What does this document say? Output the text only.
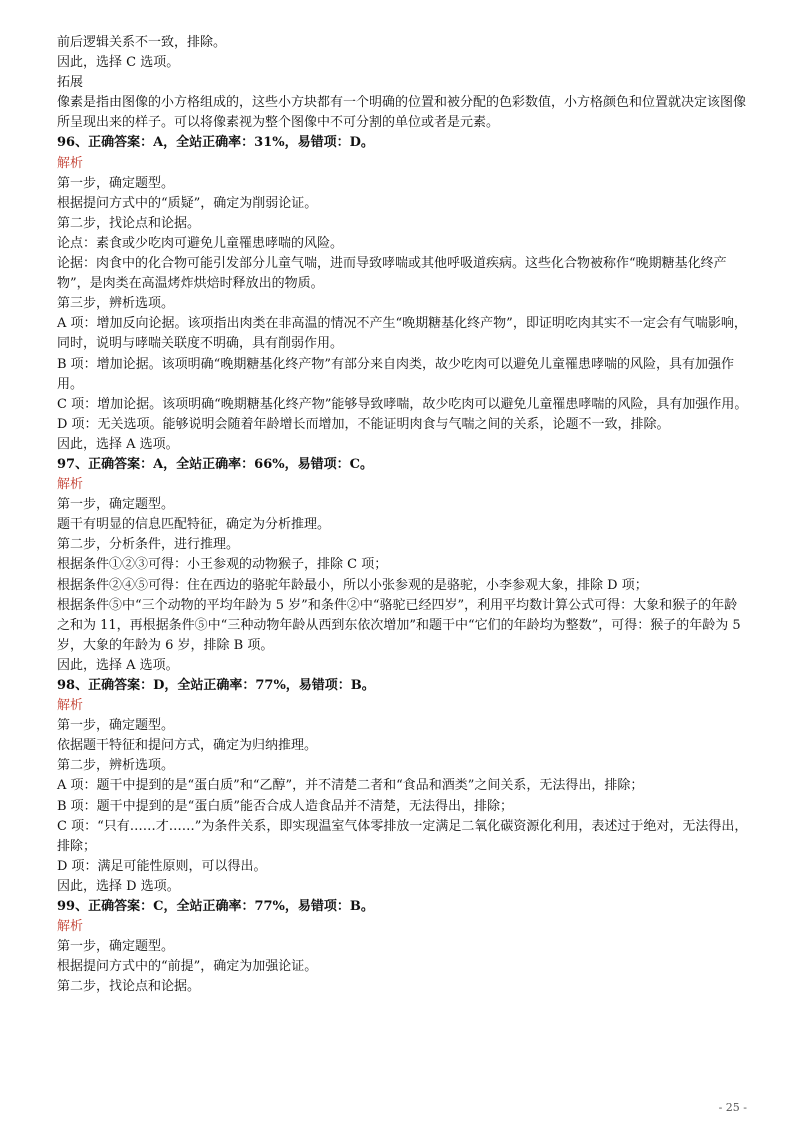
前后逻辑关系不一致，排除。
因此，选择 C 选项。
拓展
像素是指由图像的小方格组成的，这些小方块都有一个明确的位置和被分配的色彩数值，小方格颜色和位置就决定该图像所呈现出来的样子。可以将像素视为整个图像中不可分割的单位或者是元素。
96、正确答案：A，全站正确率：31%，易错项：D。
解析
第一步，确定题型。
根据提问方式中的“质疑”，确定为削弱论证。
第二步，找论点和论据。
论点：素食或少吃肉可避免儿童罹患哮喘的风险。
论据：肉食中的化合物可能引发部分儿童气喘，进而导致哮喘或其他呼吸道疾病。这些化合物被称作“晚期糖基化终产物”，是肉类在高温烤炸烘焙时释放出的物质。
第三步，辨析选项。
A 项：增加反向论据。该项指出肉类在非高温的情况不产生“晚期糖基化终产物”，即证明吃肉其实不一定会有气喘影响，同时，说明与哮喘关联度不明确，具有削弱作用。
B 项：增加论据。该项明确“晚期糖基化终产物”有部分来自肉类，故少吃肉可以避免儿童罹患哮喘的风险，具有加强作用。
C 项：增加论据。该项明确“晚期糖基化终产物”能够导致哮喘，故少吃肉可以避免儿童罹患哮喘的风险，具有加强作用。
D 项：无关选项。能够说明会随着年龄增长而增加，不能证明肉食与气喘之间的关系，论题不一致，排除。
因此，选择 A 选项。
97、正确答案：A，全站正确率：66%，易错项：C。
解析
第一步，确定题型。
题干有明显的信息匹配特征，确定为分析推理。
第二步，分析条件，进行推理。
根据条件①②③可得：小王参观的动物猴子，排除 C 项；
根据条件②④⑤可得：住在西边的骆驼年龄最小，所以小张参观的是骆驼，小李参观大象，排除 D 项；
根据条件⑤中“三个动物的平均年龄为 5 岁”和条件②中“骆驼已经四岁”，利用平均数计算公式可得：大象和猴子的年龄之和为 11，再根据条件⑤中“三种动物年龄从西到东依次增加”和题干中“它们的年龄均为整数”，可得：猴子的年龄为 5 岁，大象的年龄为 6 岁，排除 B 项。
因此，选择 A 选项。
98、正确答案：D，全站正确率：77%，易错项：B。
解析
第一步，确定题型。
依据题干特征和提问方式，确定为归纳推理。
第二步，辨析选项。
A 项：题干中提到的是“蛋白质”和“乙醇”，并不清楚二者和“食品和酒类”之间关系，无法得出，排除；
B 项：题干中提到的是“蛋白质”能否合成人造食品并不清楚，无法得出，排除；
C 项：“只有……才……”为条件关系，即实现温室气体零排放一定满足二氧化碳资源化利用，表述过于绝对，无法得出，排除；
D 项：满足可能性原则，可以得出。
因此，选择 D 选项。
99、正确答案：C，全站正确率：77%，易错项：B。
解析
第一步，确定题型。
根据提问方式中的“前提”，确定为加强论证。
第二步，找论点和论据。
- 25 -
